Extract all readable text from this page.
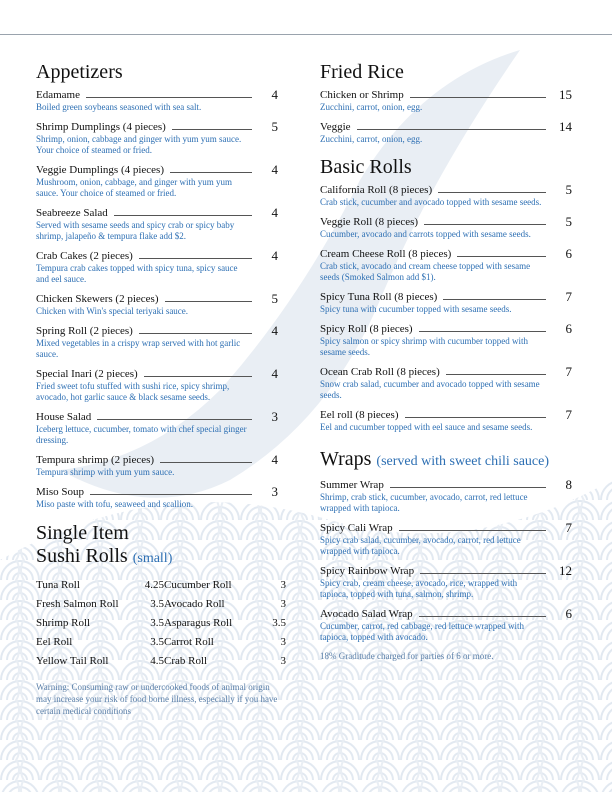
Appetizers
Edamame	4
Boiled green soybeans seasoned with sea salt.
Shrimp Dumplings (4 pieces)	5
Shrimp, onion, cabbage and ginger with yum yum sauce. Your choice of steamed or fried.
Veggie Dumplings (4 pieces)	4
Mushroom, onion, cabbage, and ginger with yum yum sauce. Your choice of steamed or fried.
Seabreeze Salad	4
Served with sesame seeds and spicy crab or spicy baby shrimp, jalapeño & tempura flake add $2.
Crab Cakes (2 pieces)	4
Tempura crab cakes topped with spicy tuna, spicy sauce and eel sauce.
Chicken Skewers (2 pieces)	5
Chicken with Win's special teriyaki sauce.
Spring Roll (2 pieces)	4
Mixed vegetables in a crispy wrap served with hot garlic sauce.
Special Inari (2 pieces)	4
Fried sweet tofu stuffed with sushi rice, spicy shrimp, avocado, hot garlic sauce & black sesame seeds.
House Salad	3
Iceberg lettuce, cucumber, tomato with chef special ginger dressing.
Tempura shrimp (2 pieces)	4
Tempura shrimp with yum yum sauce.
Miso Soup	3
Miso paste with tofu, seaweed and scallion.
Single Item
Sushi Rolls (small)
Tuna Roll	4.25 Cucumber Roll	3
Fresh Salmon Roll	3.5 Avocado Roll	3
Shrimp Roll	3.5 Asparagus Roll	3.5
Eel Roll	3.5 Carrot Roll	3
Yellow Tail Roll	4.5 Crab Roll	3
Warning: Consuming raw or undercooked foods of animal origin may increase your risk of food borne illness, especially if you have certain medical conditions
Fried Rice
Chicken or Shrimp	15
Zucchini, carrot, onion, egg.
Veggie	14
Zucchini, carrot, onion, egg.
Basic Rolls
California Roll (8 pieces)	5
Crab stick, cucumber and avocado topped with sesame seeds.
Veggie Roll (8 pieces)	5
Cucumber, avocado and carrots topped with sesame seeds.
Cream Cheese Roll (8 pieces)	6
Crab stick, avocado and cream cheese topped with sesame seeds (Smoked Salmon add $1).
Spicy Tuna Roll (8 pieces)	7
Spicy tuna with cucumber topped with sesame seeds.
Spicy Roll (8 pieces)	6
Spicy salmon or spicy shrimp with cucumber topped with sesame seeds.
Ocean Crab Roll (8 pieces)	7
Snow crab salad, cucumber and avocado topped with sesame seeds.
Eel roll (8 pieces)	7
Eel and cucumber topped with eel sauce and sesame seeds.
Wraps (served with sweet chili sauce)
Summer Wrap	8
Shrimp, crab stick, cucumber, avocado, carrot, red lettuce wrapped with tapioca.
Spicy Cali Wrap	7
Spicy crab salad, cucumber, avocado, carrot, red lettuce wrapped with tapioca.
Spicy Rainbow Wrap	12
Spicy crab, cream cheese, avocado, rice, wrapped with tapioca, topped with tuna, salmon, shrimp.
Avocado Salad Wrap	6
Cucumber, carrot, red cabbage, red lettuce wrapped with tapioca, topped with avocado.
18% Graditude charged for parties of 6 or more.
